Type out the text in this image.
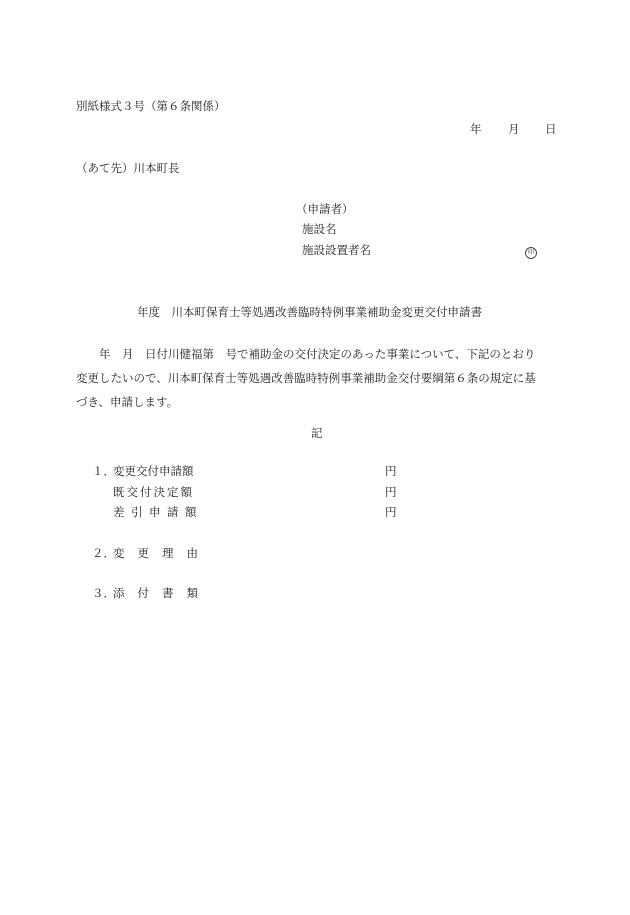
別紙様式３号（第６条関係）
年 月 日
（あて先）川本町長
（申請者）
施設名
施設設置者名	印
年度　川本町保育士等処遇改善臨時特例事業補助金変更交付申請書
　　年　月　日付川健福第　号で補助金の交付決定のあった事業について、下記のとおり
変更したいので、川本町保育士等処遇改善臨時特例事業補助金交付要綱第６条の規定に基
づき、申請します。
記
１．
変更交付申請額	円
既交付決定額	円
差引申請額	円
２．
変更理由
３．
添付書類
